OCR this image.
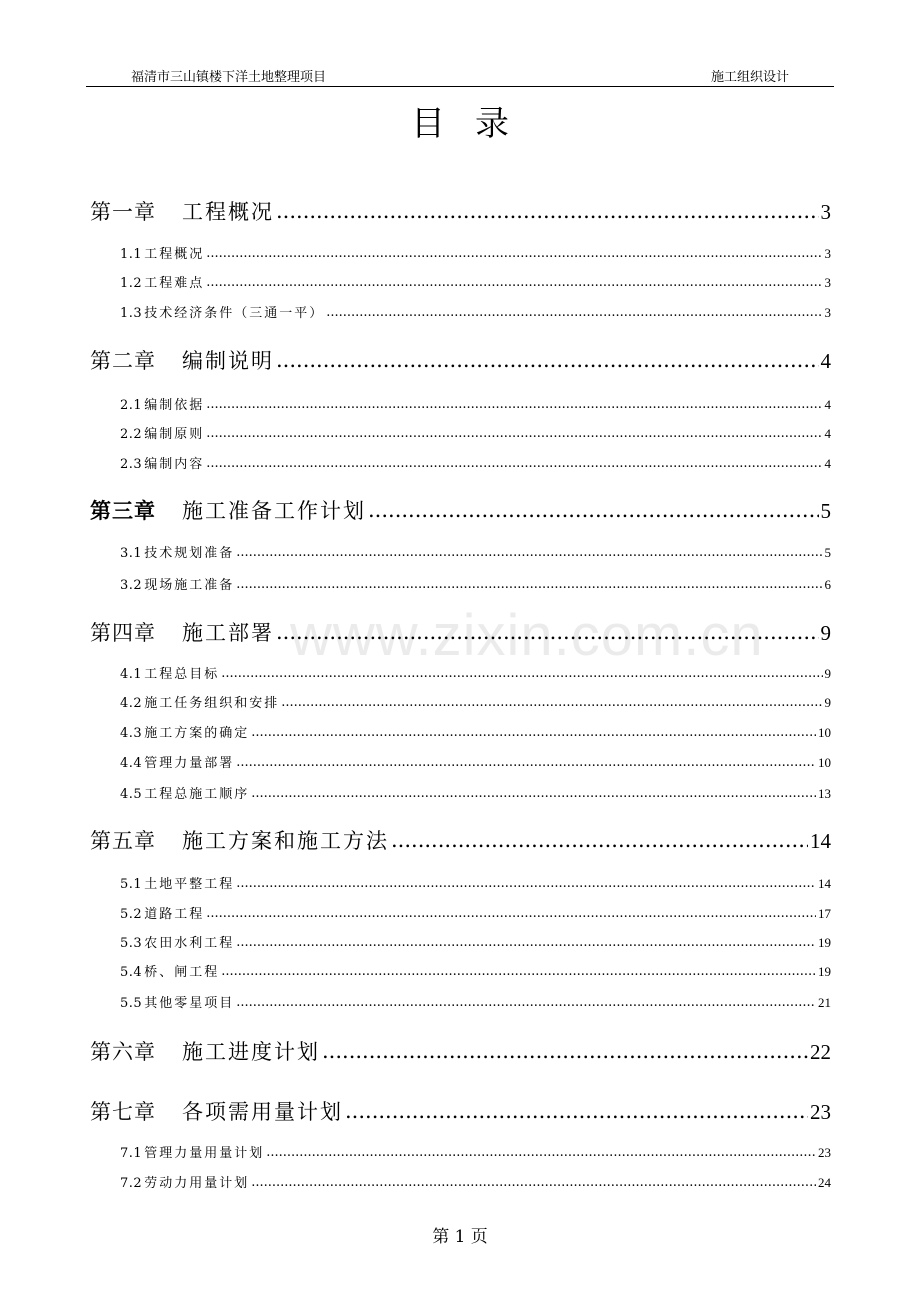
福清市三山镇楼下洋土地整理项目	施工组织设计
目录
www.zixin.com.cn
第一章 工程概况 .....	3
1.1 工程概况 .....	3
1.2 工程难点 .....	3
1.3 技术经济条件（三通一平） .....	3
第二章 编制说明 .....	4
2.1 编制依据 .....	4
2.2 编制原则 .....	4
2.3 编制内容 .....	4
第三章 施工准备工作计划 .....	5
3.1 技术规划准备 .....	5
3.2 现场施工准备 .....	6
第四章 施工部署 .....	9
4.1 工程总目标 .....	9
4.2 施工任务组织和安排 .....	9
4.3 施工方案的确定 .....	10
4.4 管理力量部署 .....	10
4.5 工程总施工顺序 .....	13
第五章 施工方案和施工方法 .....	14
5.1 土地平整工程 .....	14
5.2 道路工程 .....	17
5.3 农田水利工程 .....	19
5.4 桥、闸工程 .....	19
5.5 其他零星项目 .....	21
第六章 施工进度计划 .....	22
第七章 各项需用量计划 .....	23
7.1 管理力量用量计划 .....	23
7.2 劳动力用量计划 .....	24
第 1 页
